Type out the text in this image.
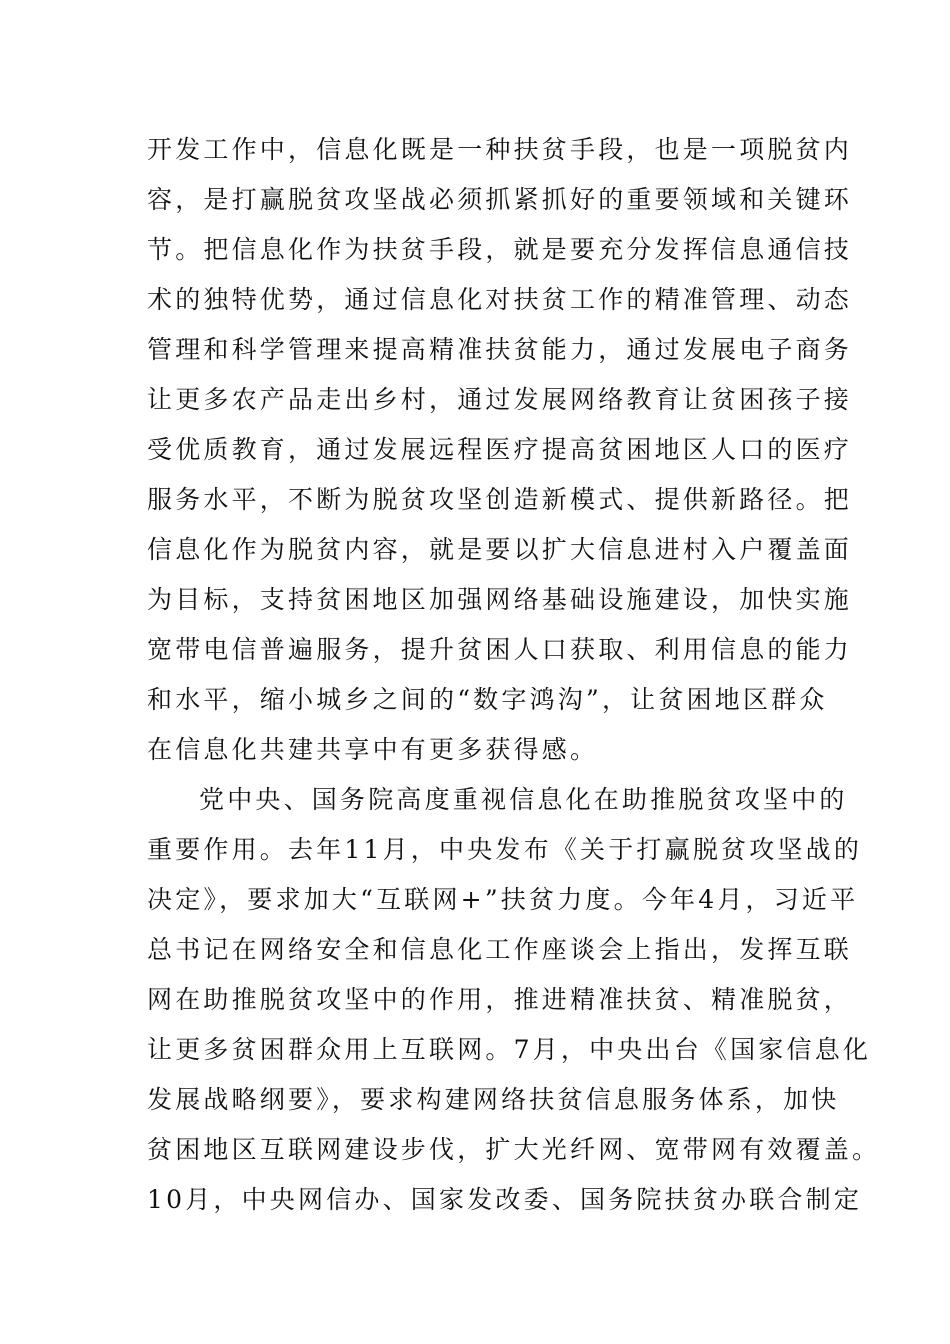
开发工作中，信息化既是一种扶贫手段，也是一项脱贫内
容，是打赢脱贫攻坚战必须抓紧抓好的重要领域和关键环
节。把信息化作为扶贫手段，就是要充分发挥信息通信技
术的独特优势，通过信息化对扶贫工作的精准管理、动态
管理和科学管理来提高精准扶贫能力，通过发展电子商务
让更多农产品走出乡村，通过发展网络教育让贫困孩子接
受优质教育，通过发展远程医疗提高贫困地区人口的医疗
服务水平，不断为脱贫攻坚创造新模式、提供新路径。把
信息化作为脱贫内容，就是要以扩大信息进村入户覆盖面
为目标，支持贫困地区加强网络基础设施建设，加快实施
宽带电信普遍服务，提升贫困人口获取、利用信息的能力
和水平，缩小城乡之间的“数字鸿沟”，让贫困地区群众
在信息化共建共享中有更多获得感。
党中央、国务院高度重视信息化在助推脱贫攻坚中的
重要作用。去年11月，中央发布《关于打赢脱贫攻坚战的
决定》，要求加大“互联网+”扶贫力度。今年4月，习近平
总书记在网络安全和信息化工作座谈会上指出，发挥互联
网在助推脱贫攻坚中的作用，推进精准扶贫、精准脱贫，
让更多贫困群众用上互联网。7月，中央出台《国家信息化
发展战略纲要》，要求构建网络扶贫信息服务体系，加快
贫困地区互联网建设步伐，扩大光纤网、宽带网有效覆盖。
10月，中央网信办、国家发改委、国务院扶贫办联合制定
